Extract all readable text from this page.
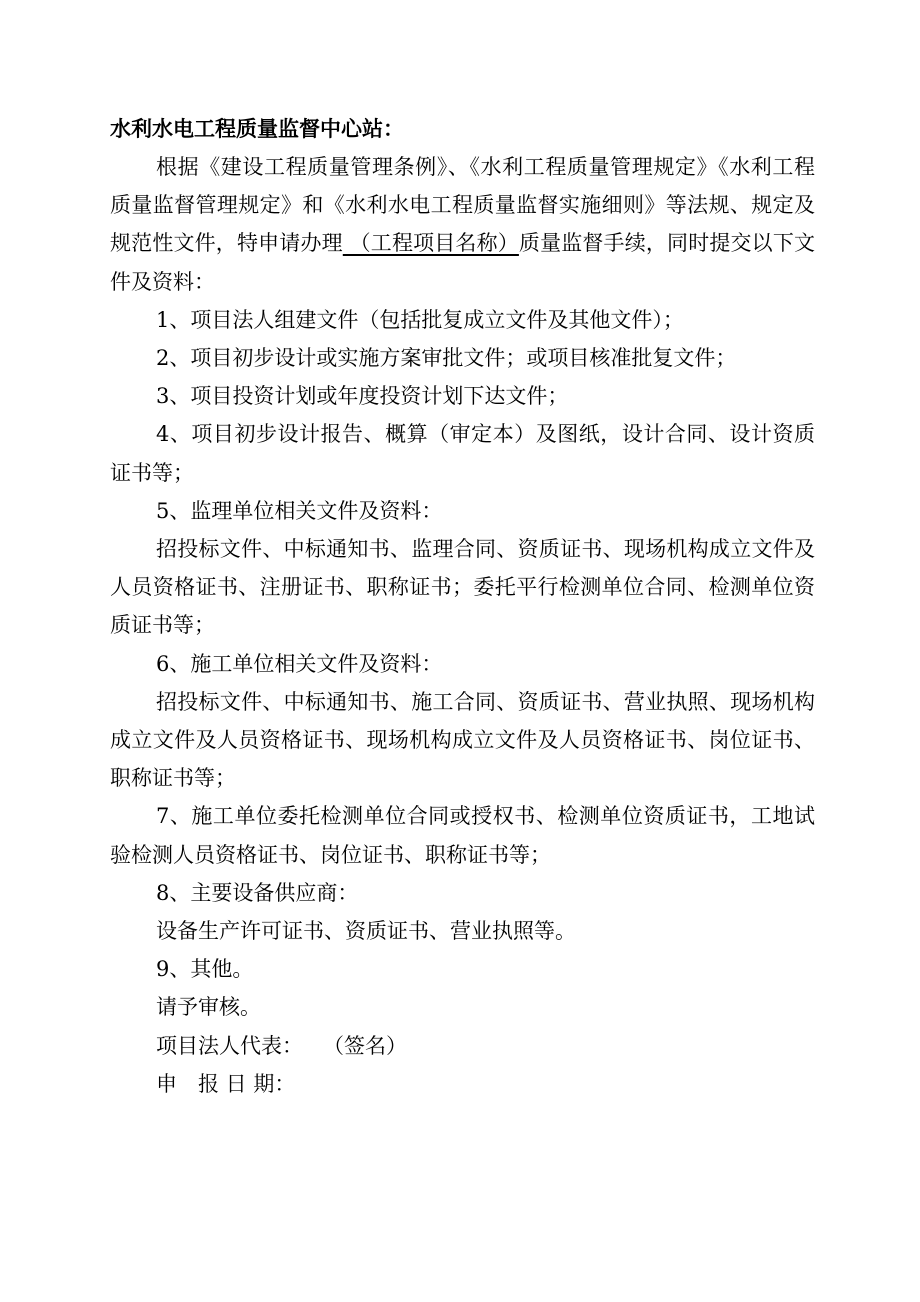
水利水电工程质量监督中心站：

根据《建设工程质量管理条例》、《水利工程质量管理规定》《水利工程质量监督管理规定》和《水利水电工程质量监督实施细则》等法规、规定及规范性文件，特申请办理 （工程项目名称）质量监督手续，同时提交以下文件及资料：

1、项目法人组建文件（包括批复成立文件及其他文件）；

2、项目初步设计或实施方案审批文件；或项目核准批复文件；

3、项目投资计划或年度投资计划下达文件；

4、项目初步设计报告、概算（审定本）及图纸，设计合同、设计资质证书等；

5、监理单位相关文件及资料：

招投标文件、中标通知书、监理合同、资质证书、现场机构成立文件及人员资格证书、注册证书、职称证书；委托平行检测单位合同、检测单位资质证书等；

6、施工单位相关文件及资料：

招投标文件、中标通知书、施工合同、资质证书、营业执照、现场机构成立文件及人员资格证书、现场机构成立文件及人员资格证书、岗位证书、职称证书等；

7、施工单位委托检测单位合同或授权书、检测单位资质证书，工地试验检测人员资格证书、岗位证书、职称证书等；

8、主要设备供应商：

设备生产许可证书、资质证书、营业执照等。

9、其他。

请予审核。

项目法人代表： （签名）

申　报 日 期：
